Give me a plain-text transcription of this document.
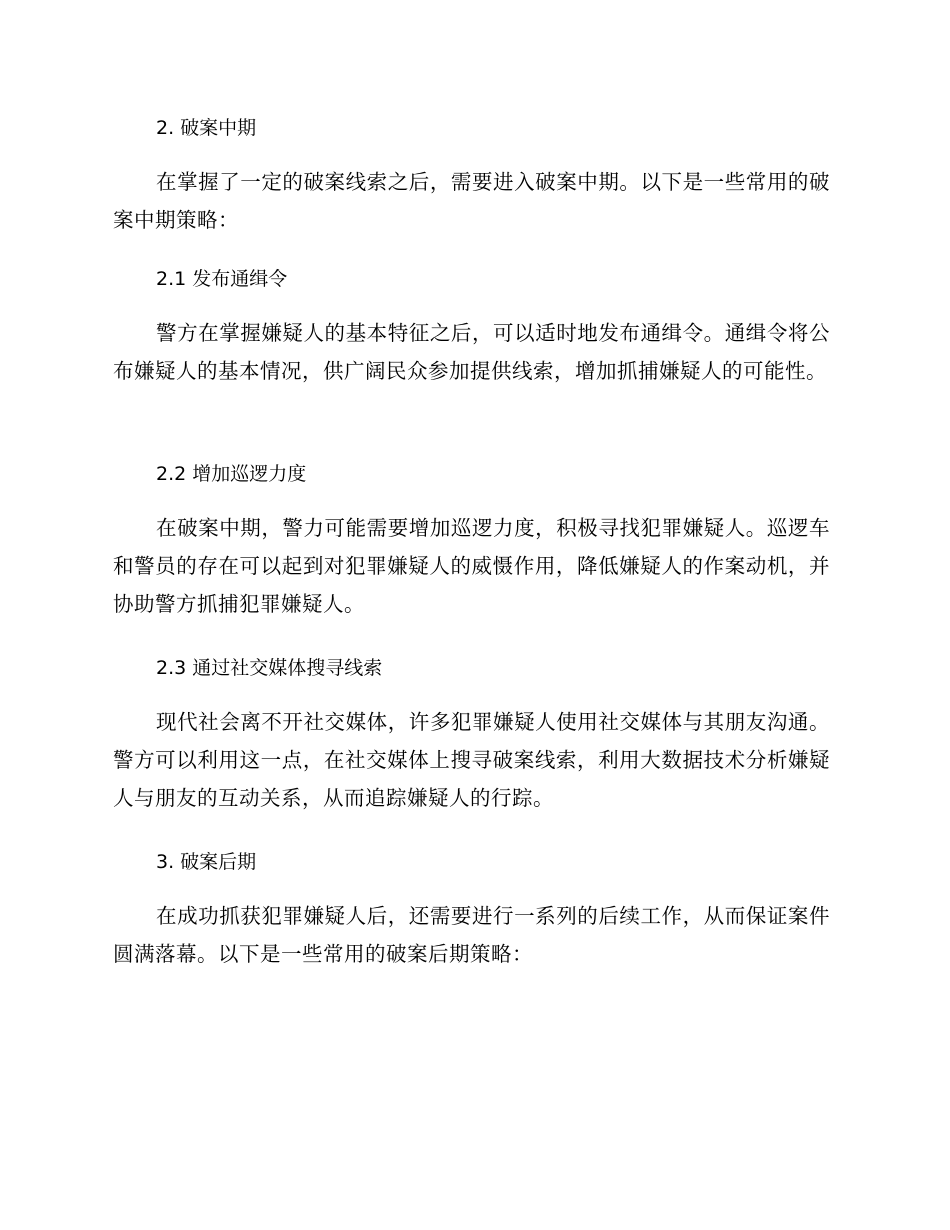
2. 破案中期

在掌握了一定的破案线索之后，需要进入破案中期。以下是一些常用的破案中期策略：

2.1 发布通缉令

警方在掌握嫌疑人的基本特征之后，可以适时地发布通缉令。通缉令将公布嫌疑人的基本情况，供广阔民众参加提供线索，增加抓捕嫌疑人的可能性。

2.2 增加巡逻力度

在破案中期，警力可能需要增加巡逻力度，积极寻找犯罪嫌疑人。巡逻车和警员的存在可以起到对犯罪嫌疑人的威慑作用，降低嫌疑人的作案动机，并协助警方抓捕犯罪嫌疑人。

2.3 通过社交媒体搜寻线索

现代社会离不开社交媒体，许多犯罪嫌疑人使用社交媒体与其朋友沟通。警方可以利用这一点，在社交媒体上搜寻破案线索，利用大数据技术分析嫌疑人与朋友的互动关系，从而追踪嫌疑人的行踪。

3. 破案后期

在成功抓获犯罪嫌疑人后，还需要进行一系列的后续工作，从而保证案件圆满落幕。以下是一些常用的破案后期策略：
